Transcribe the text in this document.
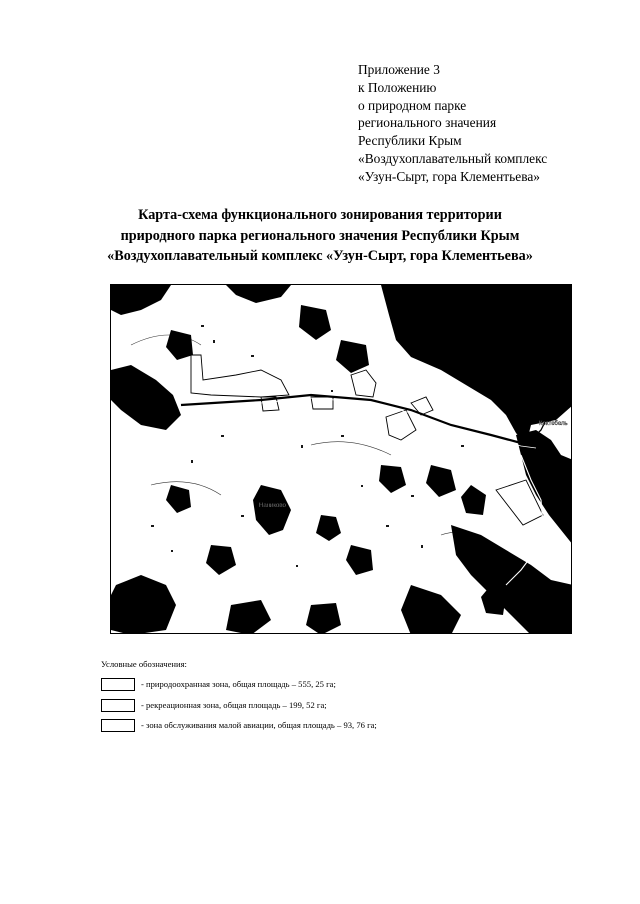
Приложение 3
к Положению
о природном парке
регионального значения
Республики Крым
«Воздухоплавательный комплекс
«Узун-Сырт, гора Клементьева»
Карта-схема функционального зонирования территории
природного парка регионального значения Республики Крым
«Воздухоплавательный комплекс «Узун-Сырт, гора Клементьева»
Наниково
Коктебель
Условные обозначения:
- природоохранная зона, общая площадь – 555, 25 га;
- рекреационная зона, общая площадь – 199, 52 га;
- зона обслуживания малой авиации, общая площадь – 93, 76 га;
